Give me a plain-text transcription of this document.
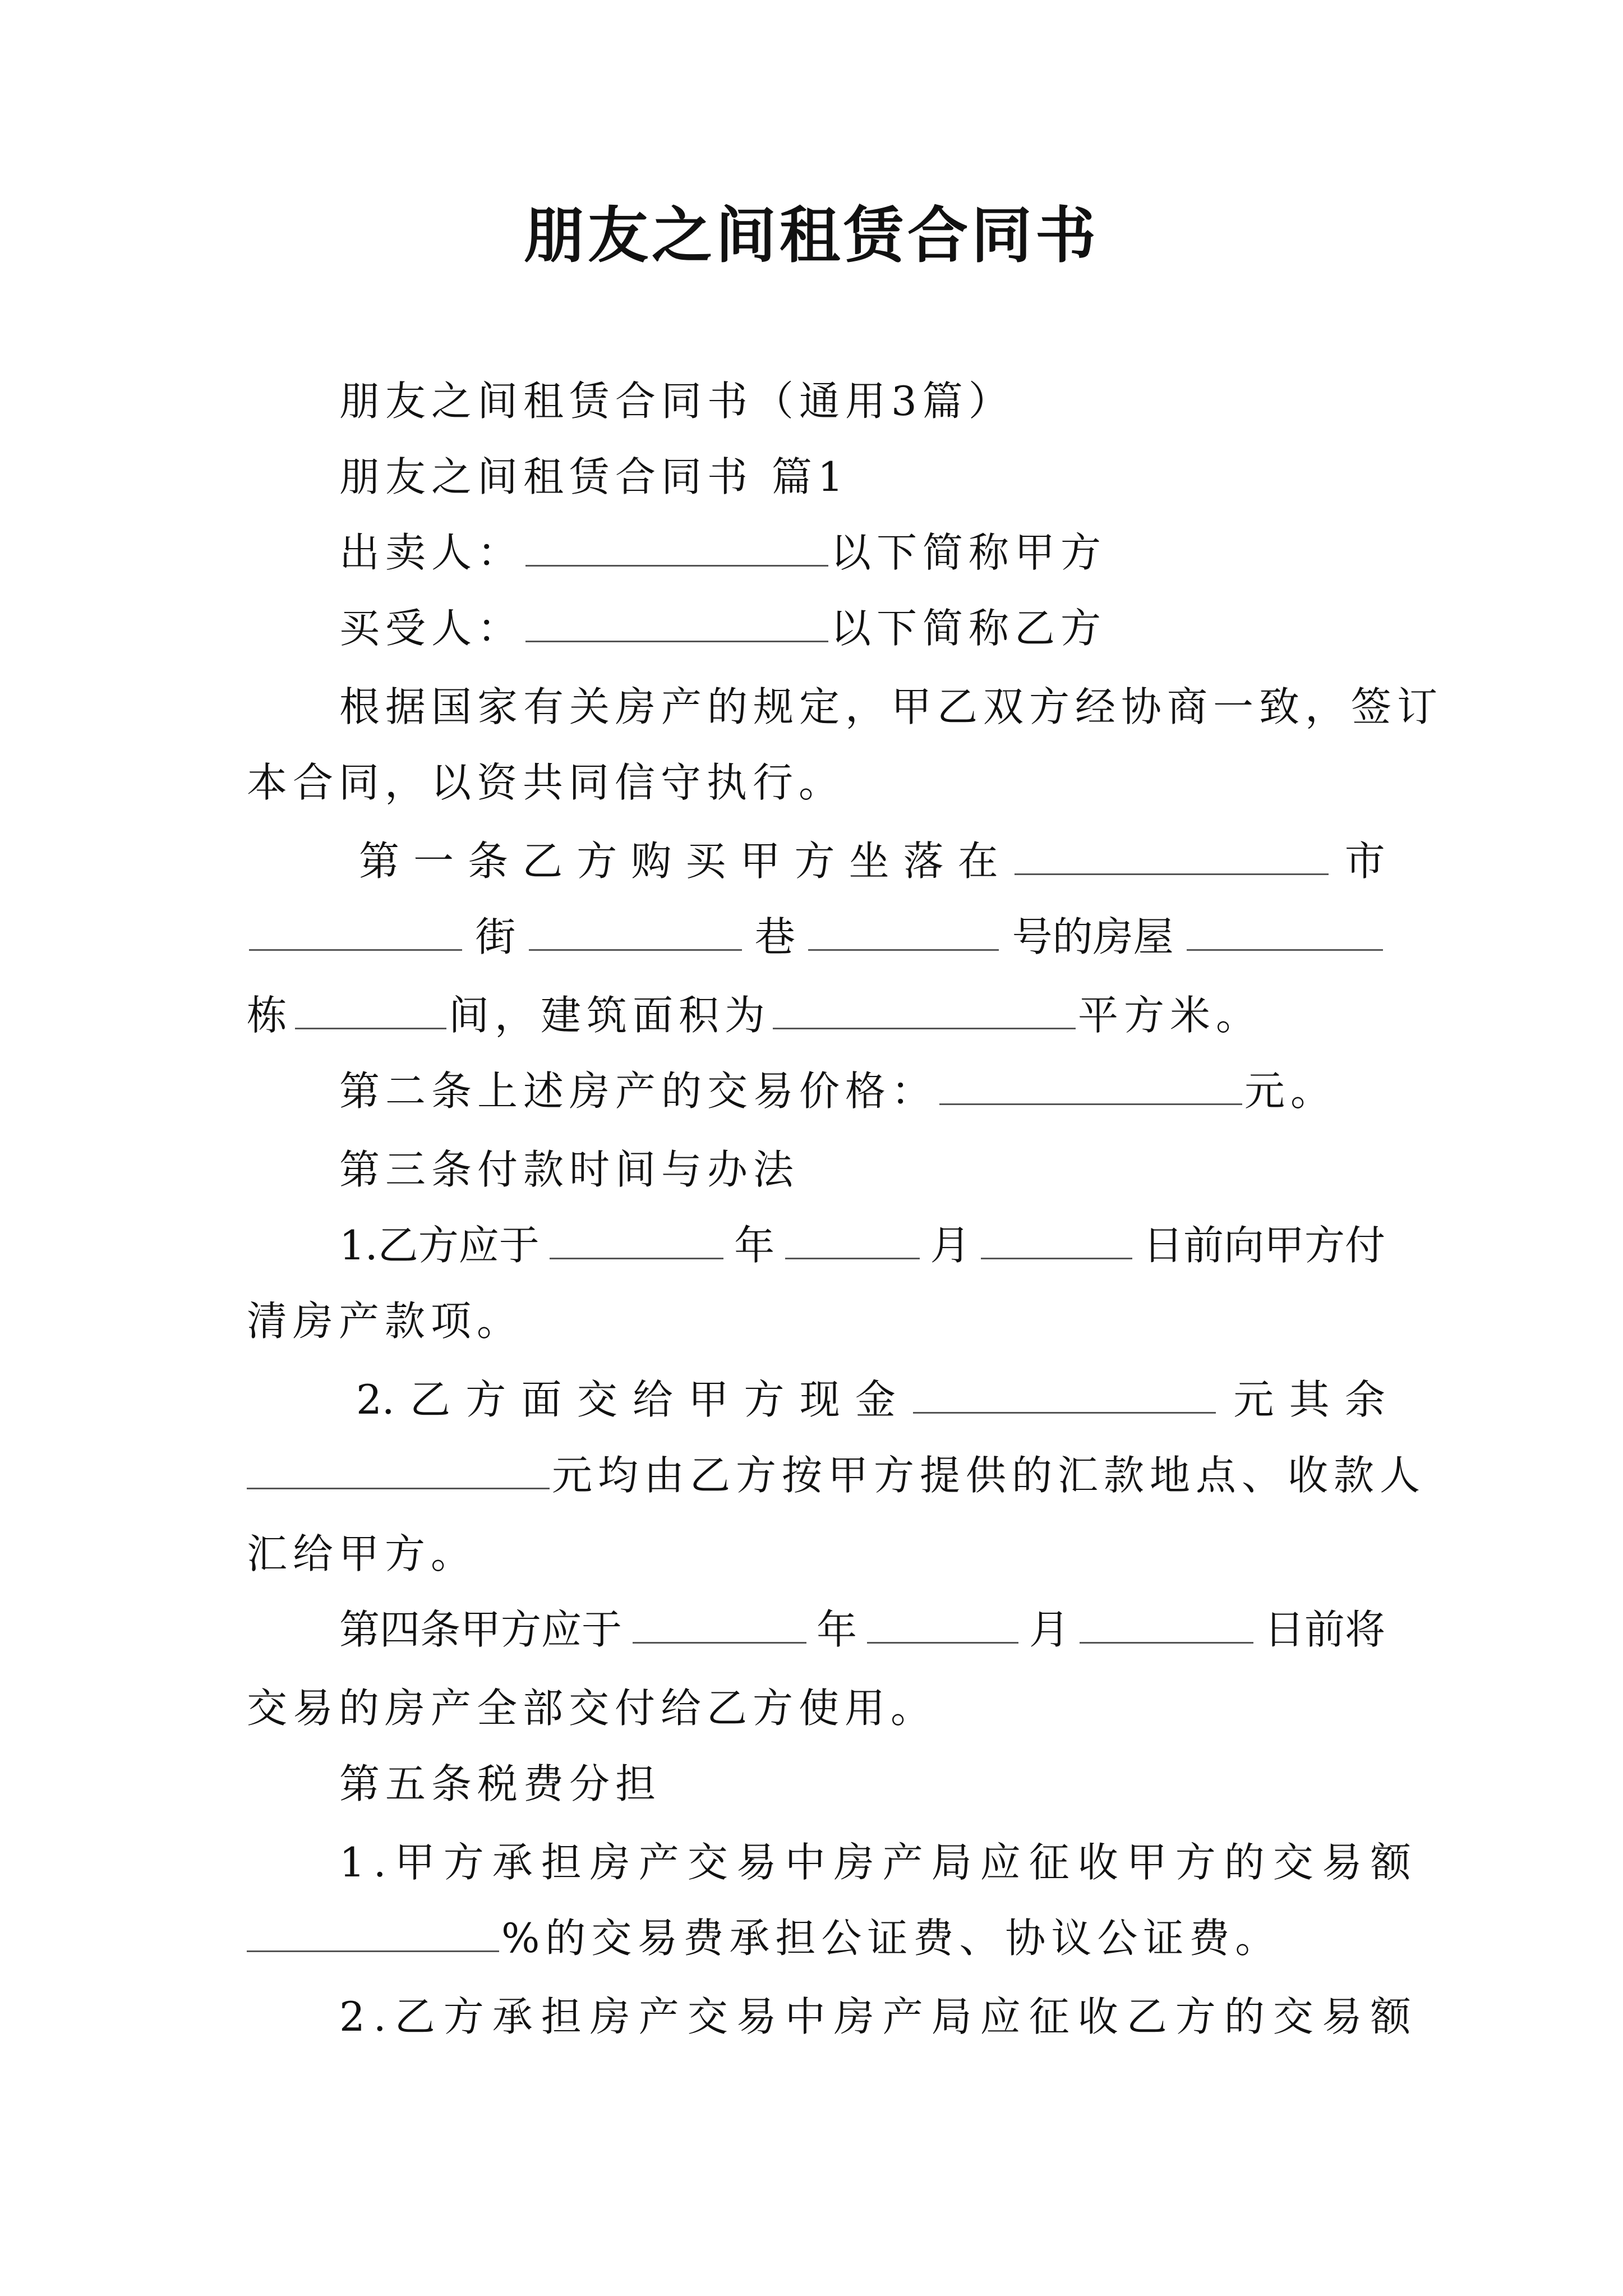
朋友之间租赁合同书
朋友之间租赁合同书（通用3篇）
朋友之间租赁合同书 篇1
出卖人：	以下简称甲方
买受人：	以下简称乙方
根据国家有关房产的规定，甲乙双方经协商一致，签订
本合同，以资共同信守执行。
第 一 条 乙 方 购 买 甲 方 坐 落 在	市
街	巷	号的房屋
栋	间，建筑面积为	平方米。
第二条上述房产的交易价格：	元。
第三条付款时间与办法
1.乙方应于	年	月	日前向甲方付
清房产款项。
2. 乙 方 面 交 给 甲 方 现 金	元 其 余
元均由乙方按甲方提供的汇款地点、收款人
汇给甲方。
第四条甲方应于	年	月	日前将
交易的房产全部交付给乙方使用。
第五条税费分担
1.甲方承担房产交易中房产局应征收甲方的交易额
%的交易费承担公证费、协议公证费。
2.乙方承担房产交易中房产局应征收乙方的交易额
